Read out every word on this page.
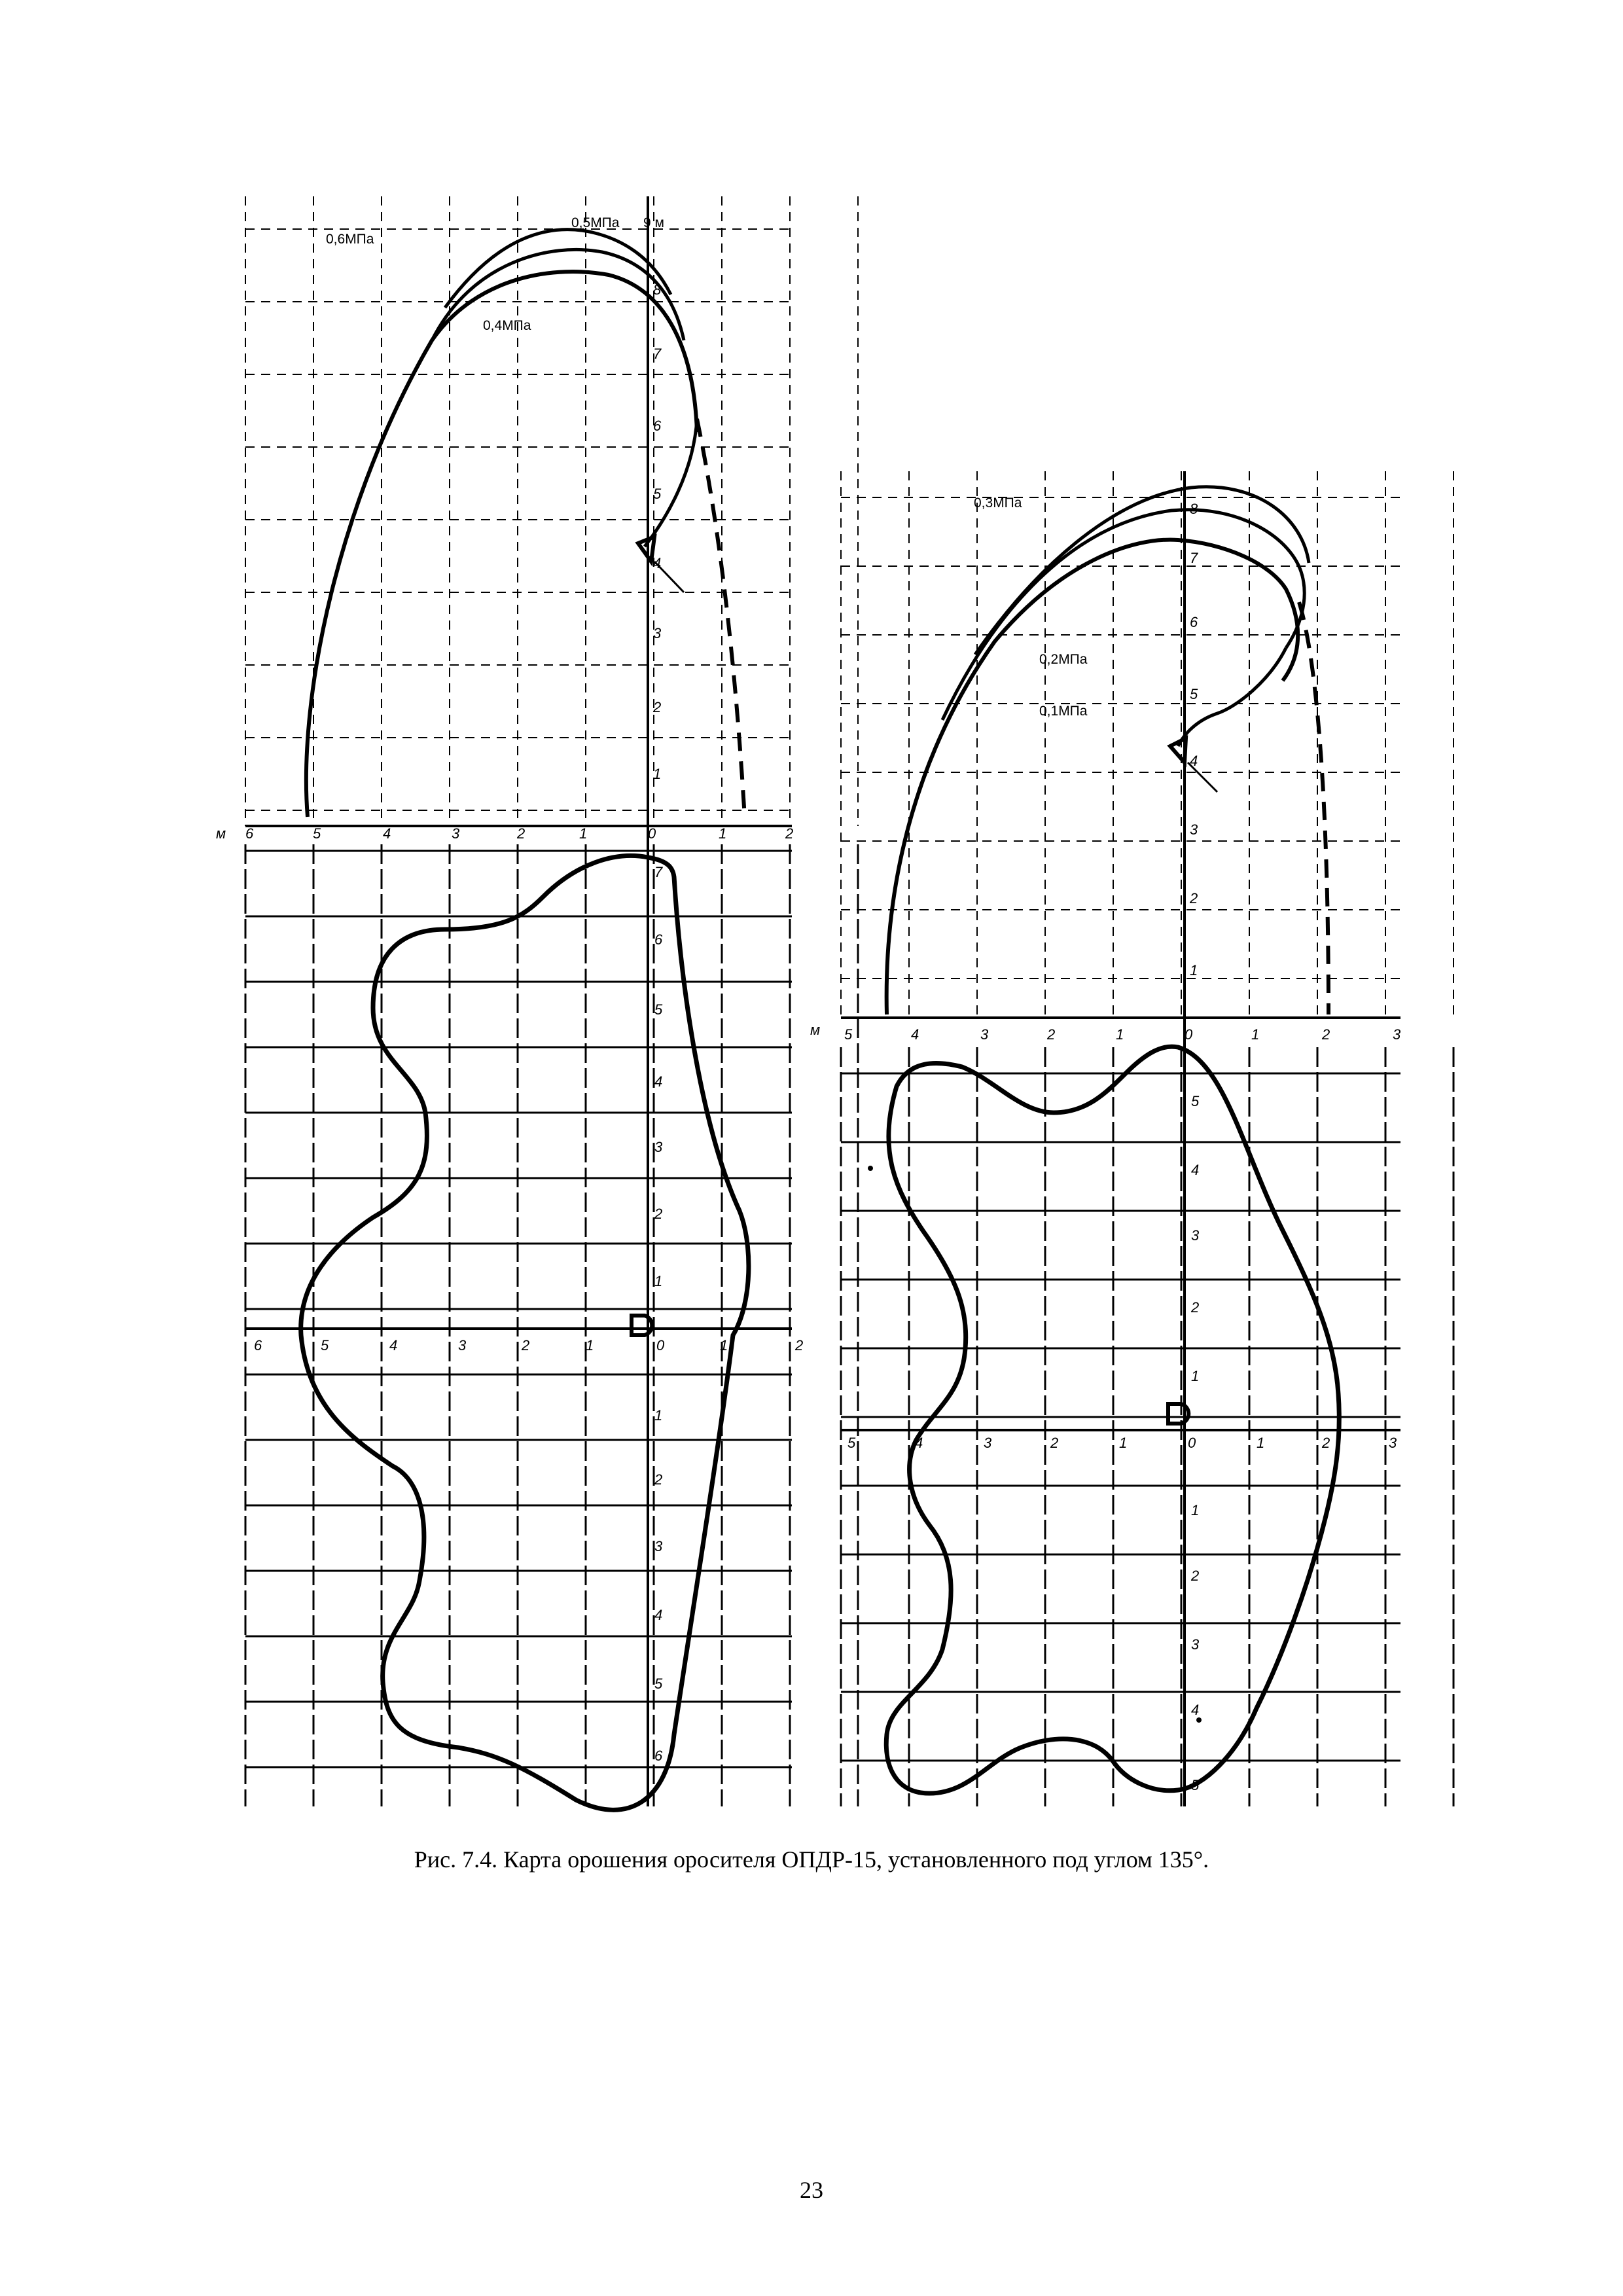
0,5МПа 9 м
0,6МПа
0,4МПа
0,3МПа
0,2МПа
0,1МПа
м 6
м
5	4	3	2	1	0	1	2
1
2
3
4
5
6
7
8
6	5	4	3	2	1	0	1	2
1
2
3
4
5
6
7
1
2
3
4
5
6
5	4	3	2	1	0	1	2	3
1
2
3
4
5
6
7
8
5	4	3	2	1	0	1	2	3
1
2
3
4
5
1
2
3
4
5
Рис. 7.4. Карта орошения оросителя ОПДР-15, установленного под углом 135°.
23
